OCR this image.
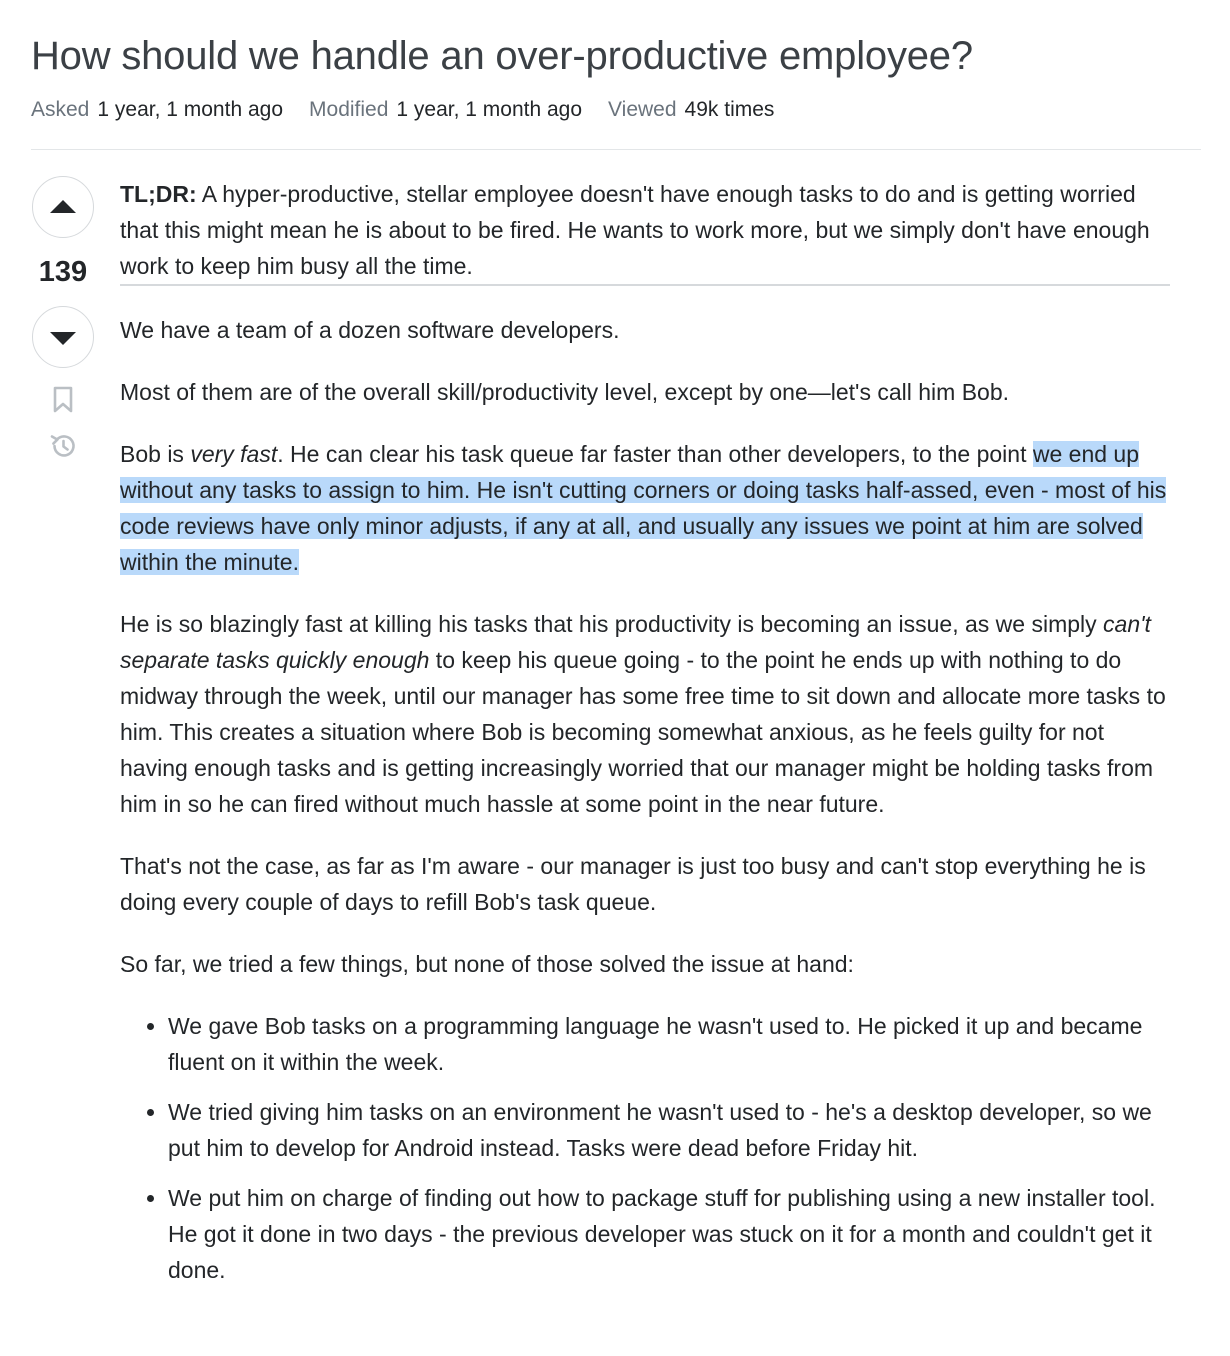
How should we handle an over-productive employee?
Asked 1 year, 1 month ago Modified 1 year, 1 month ago Viewed 49k times
139

TL;DR: A hyper-productive, stellar employee doesn't have enough tasks to do and is getting worried that this might mean he is about to be fired. He wants to work more, but we simply don't have enough work to keep him busy all the time.

We have a team of a dozen software developers.

Most of them are of the overall skill/productivity level, except by one—let's call him Bob.

Bob is very fast. He can clear his task queue far faster than other developers, to the point we end up without any tasks to assign to him. He isn't cutting corners or doing tasks half-assed, even - most of his code reviews have only minor adjusts, if any at all, and usually any issues we point at him are solved within the minute.

He is so blazingly fast at killing his tasks that his productivity is becoming an issue, as we simply can't separate tasks quickly enough to keep his queue going - to the point he ends up with nothing to do midway through the week, until our manager has some free time to sit down and allocate more tasks to him. This creates a situation where Bob is becoming somewhat anxious, as he feels guilty for not having enough tasks and is getting increasingly worried that our manager might be holding tasks from him in so he can fired without much hassle at some point in the near future.

That's not the case, as far as I'm aware - our manager is just too busy and can't stop everything he is doing every couple of days to refill Bob's task queue.

So far, we tried a few things, but none of those solved the issue at hand:

We gave Bob tasks on a programming language he wasn't used to. He picked it up and became fluent on it within the week.
We tried giving him tasks on an environment he wasn't used to - he's a desktop developer, so we put him to develop for Android instead. Tasks were dead before Friday hit.
We put him on charge of finding out how to package stuff for publishing using a new installer tool. He got it done in two days - the previous developer was stuck on it for a month and couldn't get it done.
